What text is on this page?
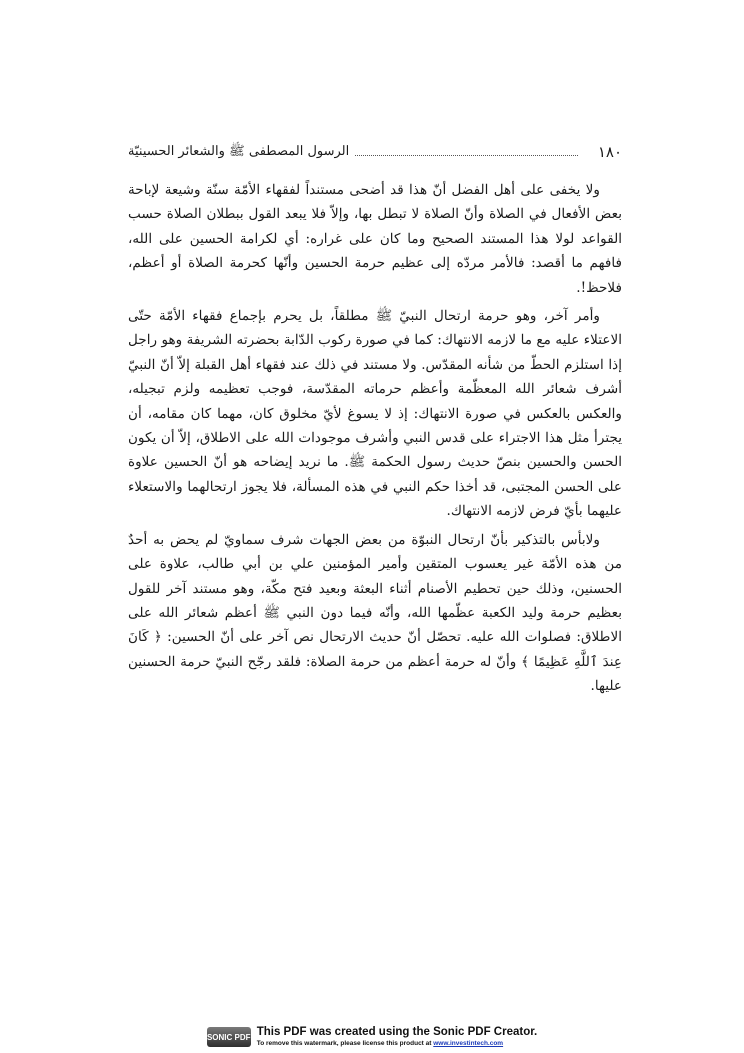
١٨٠
الرسول المصطفى ﷺ والشعائر الحسينيّة

ولا يخفى على أهل الفضل أنّ هذا قد أضحى مستنداً لفقهاء الأمّة سنّة وشيعة لإباحة بعض الأفعال في الصلاة وأنّ الصلاة لا تبطل بها، وإلاّ فلا يبعد القول ببطلان الصلاة حسب القواعد لولا هذا المستند الصحيح وما كان على غراره: أي لكرامة الحسين على الله، فافهم ما أقصد: فالأمر مردّه إلى عظيم حرمة الحسين وأنّها كحرمة الصلاة أو أعظم، فلاحظ!.

وأمر آخر، وهو حرمة ارتحال النبيّ ﷺ مطلقاً، بل يحرم بإجماع فقهاء الأمّة حتّى الاعتلاء عليه مع ما لازمه الانتهاك: كما في صورة ركوب الدّابة بحضرته الشريفة وهو راجل إذا استلزم الحطّ من شأنه المقدّس. ولا مستند في ذلك عند فقهاء أهل القبلة إلاّ أنّ النبيّ أشرف شعائر الله المعظّمة وأعظم حرماته المقدّسة، فوجب تعظيمه ولزم تبجيله، والعكس بالعكس في صورة الانتهاك: إذ لا يسوغ لأيّ مخلوق كان، مهما كان مقامه، أن يجترأ مثل هذا الاجتراء على قدس النبي وأشرف موجودات الله على الاطلاق، إلاّ أن يكون الحسن والحسين بنصّ حديث رسول الحكمة ﷺ. ما نريد إيضاحه هو أنّ الحسين علاوة على الحسن المجتبى، قد أخذا حكم النبي في هذه المسألة، فلا يجوز ارتحالهما والاستعلاء عليهما بأيّ فرض لازمه الانتهاك.

ولابأس بالتذكير بأنّ ارتحال النبوّة من بعض الجهات شرف سماويّ لم يحض به أحدٌ من هذه الأمّة غير يعسوب المتقين وأمير المؤمنين علي بن أبي طالب، علاوة على الحسنين، وذلك حين تحطيم الأصنام أثناء البعثة وبعيد فتح مكّة، وهو مستند آخر للقول بعظيم حرمة وليد الكعبة عظّمها الله، وأنّه فيما دون النبي ﷺ أعظم شعائر الله على الاطلاق: فصلوات الله عليه. تحصّل أنّ حديث الارتحال نص آخر على أنّ الحسين: ﴿ كَانَ عِندَ ٱللَّهِ عَظِيمًا ﴾ وأنّ له حرمة أعظم من حرمة الصلاة: فلقد رجّح النبيّ حرمة الحسنين عليها.

SONIC PDF This PDF was created using the Sonic PDF Creator.
To remove this watermark, please license this product at www.investintech.com
